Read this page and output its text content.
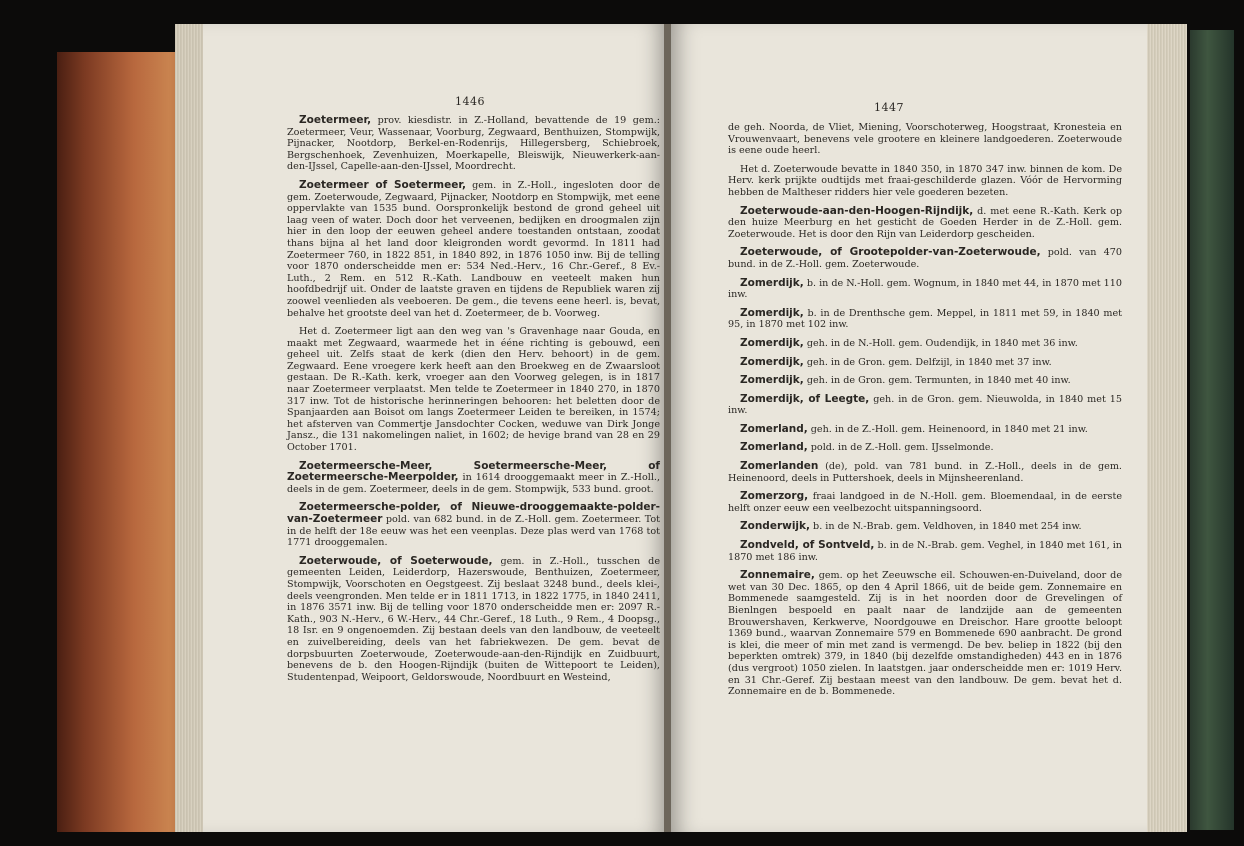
1446

Zoetermeer, prov. kiesdistr. in Z.-Holland, bevattende de 19 gem.: Zoetermeer, Veur, Wassenaar, Voorburg, Zegwaard, Benthuizen, Stompwijk, Pijnacker, Nootdorp, Berkel-en-Rodenrijs, Hillegersberg, Schiebroek, Bergschenhoek, Zevenhuizen, Moerkapelle, Bleiswijk, Nieuwerkerk-aan-den-IJssel, Capelle-aan-den-IJssel, Moordrecht.

Zoetermeer of Soetermeer, gem. in Z.-Holl., ingesloten door de gem. Zoeterwoude, Zegwaard, Pijnacker, Nootdorp en Stompwijk, met eene oppervlakte van 1535 bund. Oorspronkelijk bestond de grond geheel uit laag veen of water. Doch door het verveenen, bedijken en droogmalen zijn hier in den loop der eeuwen geheel andere toestanden ontstaan, zoodat thans bijna al het land door kleigronden wordt gevormd. In 1811 had Zoetermeer 760, in 1822 851, in 1840 892, in 1876 1050 inw. Bij de telling voor 1870 onderscheidde men er: 534 Ned.-Herv., 16 Chr.-Geref., 8 Ev.-Luth., 2 Rem. en 512 R.-Kath. Landbouw en veeteelt maken hun hoofdbedrijf uit. Onder de laatste graven en tijdens de Republiek waren zij zoowel veenlieden als veeboeren. De gem., die tevens eene heerl. is, bevat, behalve het grootste deel van het d. Zoetermeer, de b. Voorweg.

Het d. Zoetermeer ligt aan den weg van 's Gravenhage naar Gouda, en maakt met Zegwaard, waarmede het in ééne richting is gebouwd, een geheel uit. Zelfs staat de kerk (dien den Herv. behoort) in de gem. Zegwaard. Eene vroegere kerk heeft aan den Broekweg en de Zwaarsloot gestaan. De R.-Kath. kerk, vroeger aan den Voorweg gelegen, is in 1817 naar Zoetermeer verplaatst. Men telde te Zoetermeer in 1840 270, in 1870 317 inw. Tot de historische herinneringen behooren: het beletten door de Spanjaarden aan Boisot om langs Zoetermeer Leiden te bereiken, in 1574; het afsterven van Commertje Jansdochter Cocken, weduwe van Dirk Jonge Jansz., die 131 nakomelingen naliet, in 1602; de hevige brand van 28 en 29 October 1701.

Zoetermeersche-Meer, Soetermeersche-Meer, of Zoetermeersche-Meerpolder, in 1614 drooggemaakt meer in Z.-Holl., deels in de gem. Zoetermeer, deels in de gem. Stompwijk, 533 bund. groot.

Zoetermeersche-polder, of Nieuwe-drooggemaakte-polder-van-Zoetermeer pold. van 682 bund. in de Z.-Holl. gem. Zoetermeer. Tot in de helft der 18e eeuw was het een veenplas. Deze plas werd van 1768 tot 1771 drooggemalen.

Zoeterwoude, of Soeterwoude, gem. in Z.-Holl., tusschen de gemeenten Leiden, Leiderdorp, Hazerswoude, Benthuizen, Zoetermeer, Stompwijk, Voorschoten en Oegstgeest. Zij beslaat 3248 bund., deels klei-, deels veengronden. Men telde er in 1811 1713, in 1822 1775, in 1840 2411, in 1876 3571 inw. Bij de telling voor 1870 onderscheidde men er: 2097 R.-Kath., 903 N.-Herv., 6 W.-Herv., 44 Chr.-Geref., 18 Luth., 9 Rem., 4 Doopsg., 18 Isr. en 9 ongenoemden. Zij bestaan deels van den landbouw, de veeteelt en zuivelbereiding, deels van het fabriekwezen. De gem. bevat de dorpsbuurten Zoeterwoude, Zoeterwoude-aan-den-Rijndijk en Zuidbuurt, benevens de b. den Hoogen-Rijndijk (buiten de Wittepoort te Leiden), Studentenpad, Weipoort, Geldorswoude, Noordbuurt en Westeind,

1447

de geh. Noorda, de Vliet, Miening, Voorschoterweg, Hoogstraat, Kronesteia en Vrouwenvaart, benevens vele grootere en kleinere landgoederen. Zoeterwoude is eene oude heerl.

Het d. Zoeterwoude bevatte in 1840 350, in 1870 347 inw. binnen de kom. De Herv. kerk prijkte oudtijds met fraai-geschilderde glazen. Vóór de Hervorming hebben de Maltheser ridders hier vele goederen bezeten.

Zoeterwoude-aan-den-Hoogen-Rijndijk, d. met eene R.-Kath. Kerk op den huize Meerburg en het gesticht de Goeden Herder in de Z.-Holl. gem. Zoeterwoude. Het is door den Rijn van Leiderdorp gescheiden.

Zoeterwoude, of Grootepolder-van-Zoeterwoude, pold. van 470 bund. in de Z.-Holl. gem. Zoeterwoude.

Zomerdijk, b. in de N.-Holl. gem. Wognum, in 1840 met 44, in 1870 met 110 inw.

Zomerdijk, b. in de Drenthsche gem. Meppel, in 1811 met 59, in 1840 met 95, in 1870 met 102 inw.

Zomerdijk, geh. in de N.-Holl. gem. Oudendijk, in 1840 met 36 inw.

Zomerdijk, geh. in de Gron. gem. Delfzijl, in 1840 met 37 inw.

Zomerdijk, geh. in de Gron. gem. Termunten, in 1840 met 40 inw.

Zomerdijk, of Leegte, geh. in de Gron. gem. Nieuwolda, in 1840 met 15 inw.

Zomerland, geh. in de Z.-Holl. gem. Heinenoord, in 1840 met 21 inw.

Zomerland, pold. in de Z.-Holl. gem. IJsselmonde.

Zomerlanden (de), pold. van 781 bund. in Z.-Holl., deels in de gem. Heinenoord, deels in Puttershoek, deels in Mijnsheerenland.

Zomerzorg, fraai landgoed in de N.-Holl. gem. Bloemendaal, in de eerste helft onzer eeuw een veelbezocht uitspanningsoord.

Zonderwijk, b. in de N.-Brab. gem. Veldhoven, in 1840 met 254 inw.

Zondveld, of Sontveld, b. in de N.-Brab. gem. Veghel, in 1840 met 161, in 1870 met 186 inw.

Zonnemaire, gem. op het Zeeuwsche eil. Schouwen-en-Duiveland, door de wet van 30 Dec. 1865, op den 4 April 1866, uit de beide gem. Zonnemaire en Bommenede saamgesteld. Zij is in het noorden door de Grevelingen of Bienlngen bespoeld en paalt naar de landzijde aan de gemeenten Brouwershaven, Kerkwerve, Noordgouwe en Dreischor. Hare grootte beloopt 1369 bund., waarvan Zonnemaire 579 en Bommenede 690 aanbracht. De grond is klei, die meer of min met zand is vermengd. De bev. beliep in 1822 (bij den beperkten omtrek) 379, in 1840 (bij dezelfde omstandigheden) 443 en in 1876 (dus vergroot) 1050 zielen. In laatstgen. jaar onderscheidde men er: 1019 Herv. en 31 Chr.-Geref. Zij bestaan meest van den landbouw. De gem. bevat het d. Zonnemaire en de b. Bommenede.
